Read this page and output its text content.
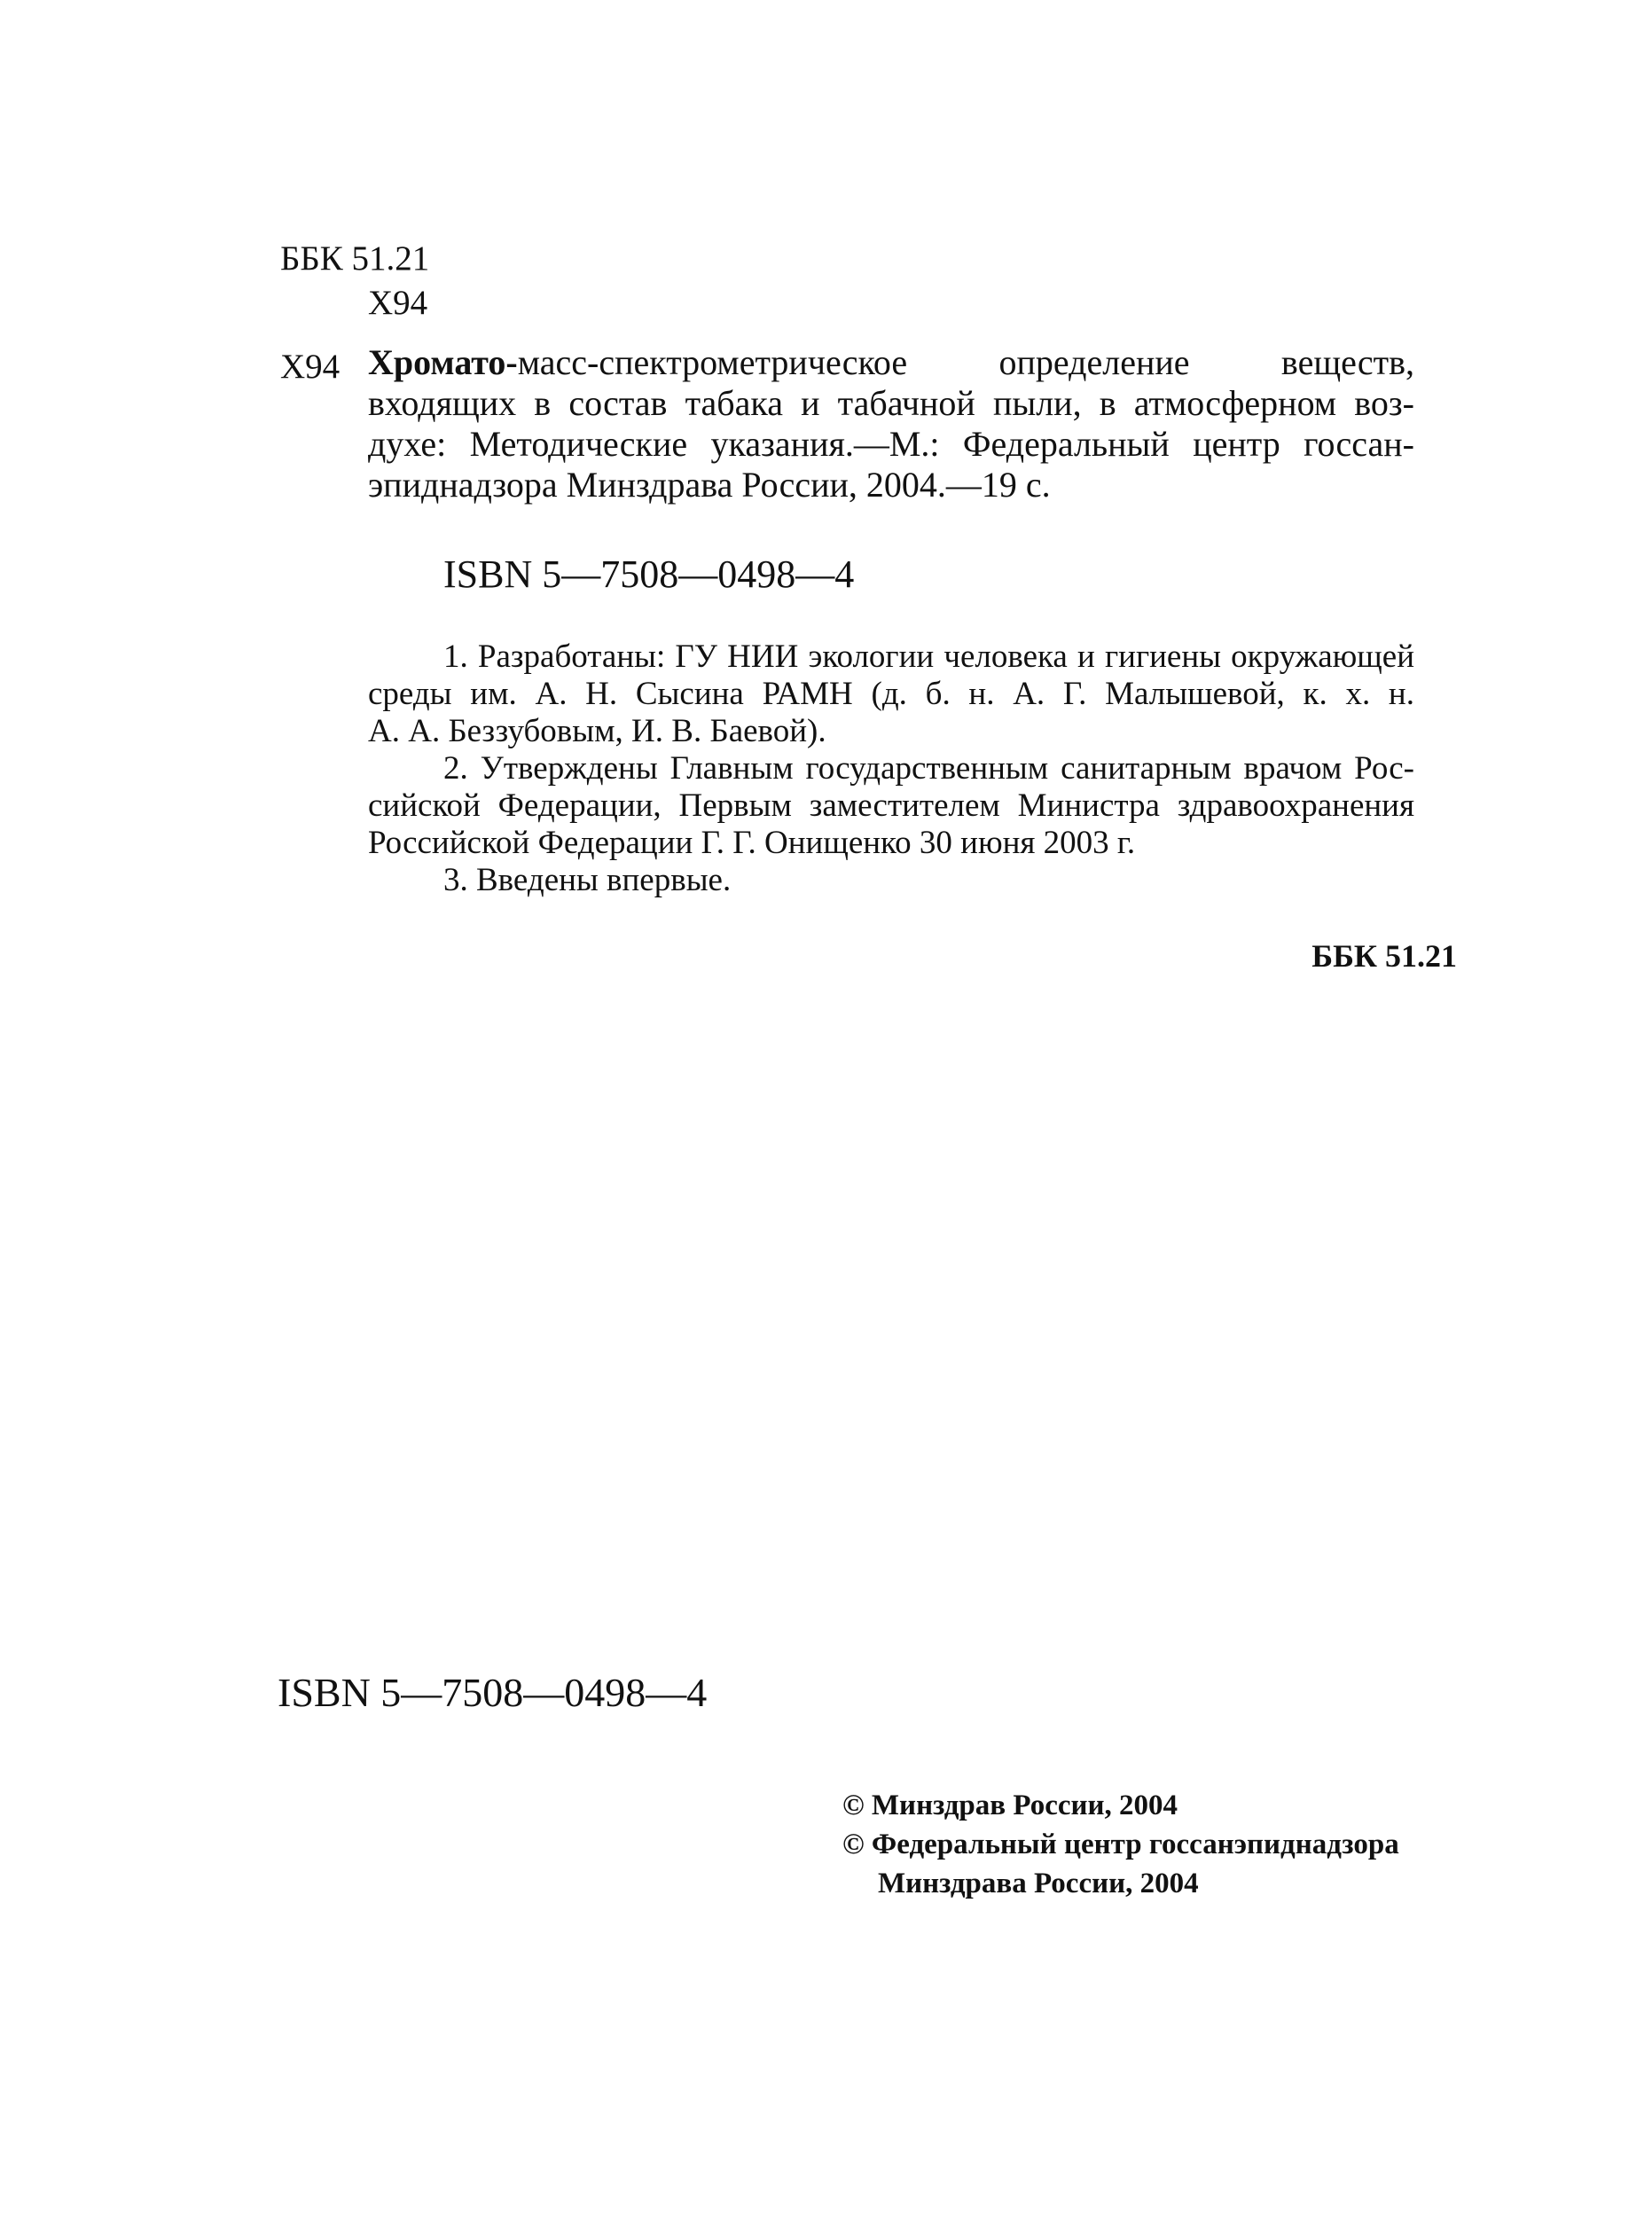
ББК 51.21
Х94
Х94 Хромато-масс-спектрометрическое определение веществ,
входящих в состав табака и табачной пыли, в атмосферном воз-
духе: Методические указания.—М.: Федеральный центр госсан-
эпиднадзора Минздрава России, 2004.—19 с.
ISBN 5—7508—0498—4
1. Разработаны: ГУ НИИ экологии человека и гигиены окружающей
среды им. А. Н. Сысина РАМН (д. б. н. А. Г. Малышевой, к. х. н.
А. А. Беззубовым, И. В. Баевой).
2. Утверждены Главным государственным санитарным врачом Рос-
сийской Федерации, Первым заместителем Министра здравоохранения
Российской Федерации Г. Г. Онищенко 30 июня 2003 г.
3. Введены впервые.
ББК 51.21
ISBN 5—7508—0498—4
© Минздрав России, 2004
© Федеральный центр госсанэпиднадзора
Минздрава России, 2004
